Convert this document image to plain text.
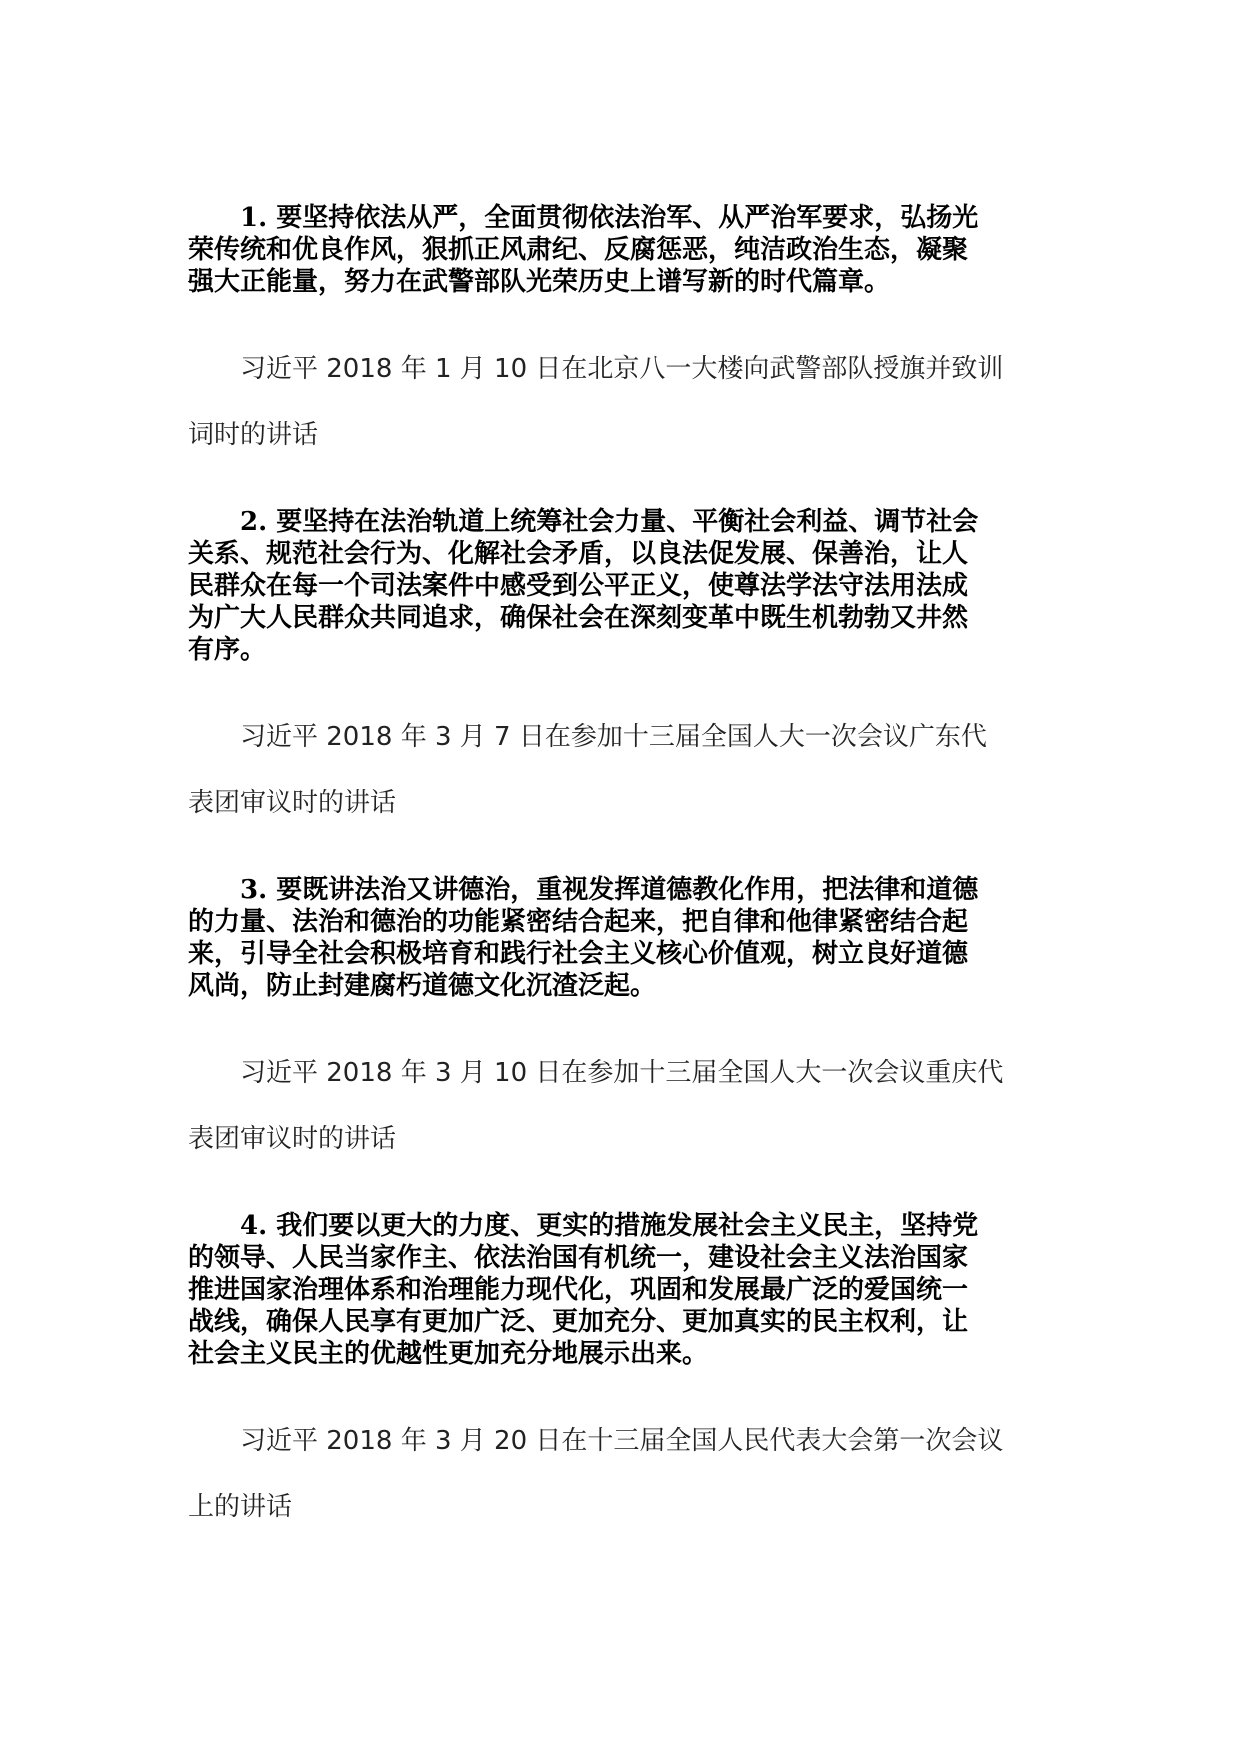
1. 要坚持依法从严，全面贯彻依法治军、从严治军要求，弘扬光

荣传统和优良作风，狠抓正风肃纪、反腐惩恶，纯洁政治生态，凝聚

强大正能量，努力在武警部队光荣历史上谱写新的时代篇章。

习近平 2018 年 1 月 10 日在北京八一大楼向武警部队授旗并致训

词时的讲话

2. 要坚持在法治轨道上统筹社会力量、平衡社会利益、调节社会

关系、规范社会行为、化解社会矛盾，以良法促发展、保善治，让人

民群众在每一个司法案件中感受到公平正义，使尊法学法守法用法成

为广大人民群众共同追求，确保社会在深刻变革中既生机勃勃又井然

有序。

习近平 2018 年 3 月 7 日在参加十三届全国人大一次会议广东代

表团审议时的讲话

3. 要既讲法治又讲德治，重视发挥道德教化作用，把法律和道德

的力量、法治和德治的功能紧密结合起来，把自律和他律紧密结合起

来，引导全社会积极培育和践行社会主义核心价值观，树立良好道德

风尚，防止封建腐朽道德文化沉渣泛起。

习近平 2018 年 3 月 10 日在参加十三届全国人大一次会议重庆代

表团审议时的讲话

4. 我们要以更大的力度、更实的措施发展社会主义民主，坚持党

的领导、人民当家作主、依法治国有机统一，建设社会主义法治国家

推进国家治理体系和治理能力现代化，巩固和发展最广泛的爱国统一

战线，确保人民享有更加广泛、更加充分、更加真实的民主权利，让

社会主义民主的优越性更加充分地展示出来。

习近平 2018 年 3 月 20 日在十三届全国人民代表大会第一次会议

上的讲话
